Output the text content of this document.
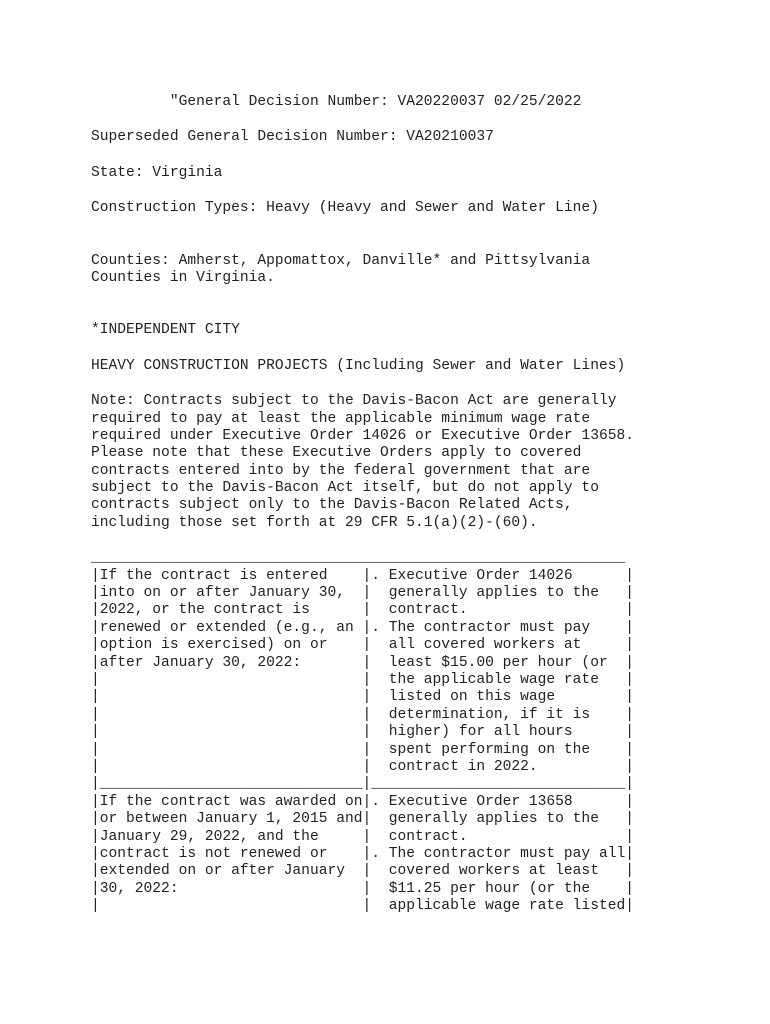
"General Decision Number: VA20220037 02/25/2022
Superseded General Decision Number: VA20210037
State: Virginia
Construction Types: Heavy (Heavy and Sewer and Water Line)
Counties: Amherst, Appomattox, Danville* and Pittsylvania
Counties in Virginia.
*INDEPENDENT CITY
HEAVY CONSTRUCTION PROJECTS (Including Sewer and Water Lines)
Note: Contracts subject to the Davis-Bacon Act are generally
required to pay at least the applicable minimum wage rate
required under Executive Order 14026 or Executive Order 13658.
Please note that these Executive Orders apply to covered
contracts entered into by the federal government that are
subject to the Davis-Bacon Act itself, but do not apply to
contracts subject only to the Davis-Bacon Related Acts,
including those set forth at 29 CFR 5.1(a)(2)-(60).
_____________________________________________________________
|If the contract is entered    |. Executive Order 14026      |
|into on or after January 30,  |  generally applies to the   |
|2022, or the contract is      |  contract.                  |
|renewed or extended (e.g., an |. The contractor must pay    |
|option is exercised) on or    |  all covered workers at     |
|after January 30, 2022:       |  least $15.00 per hour (or  |
|                              |  the applicable wage rate   |
|                              |  listed on this wage        |
|                              |  determination, if it is    |
|                              |  higher) for all hours      |
|                              |  spent performing on the    |
|                              |  contract in 2022.          |
|______________________________|_____________________________|
|If the contract was awarded on|. Executive Order 13658      |
|or between January 1, 2015 and|  generally applies to the   |
|January 29, 2022, and the     |  contract.                  |
|contract is not renewed or    |. The contractor must pay all|
|extended on or after January  |  covered workers at least   |
|30, 2022:                     |  $11.25 per hour (or the    |
|                              |  applicable wage rate listed|
